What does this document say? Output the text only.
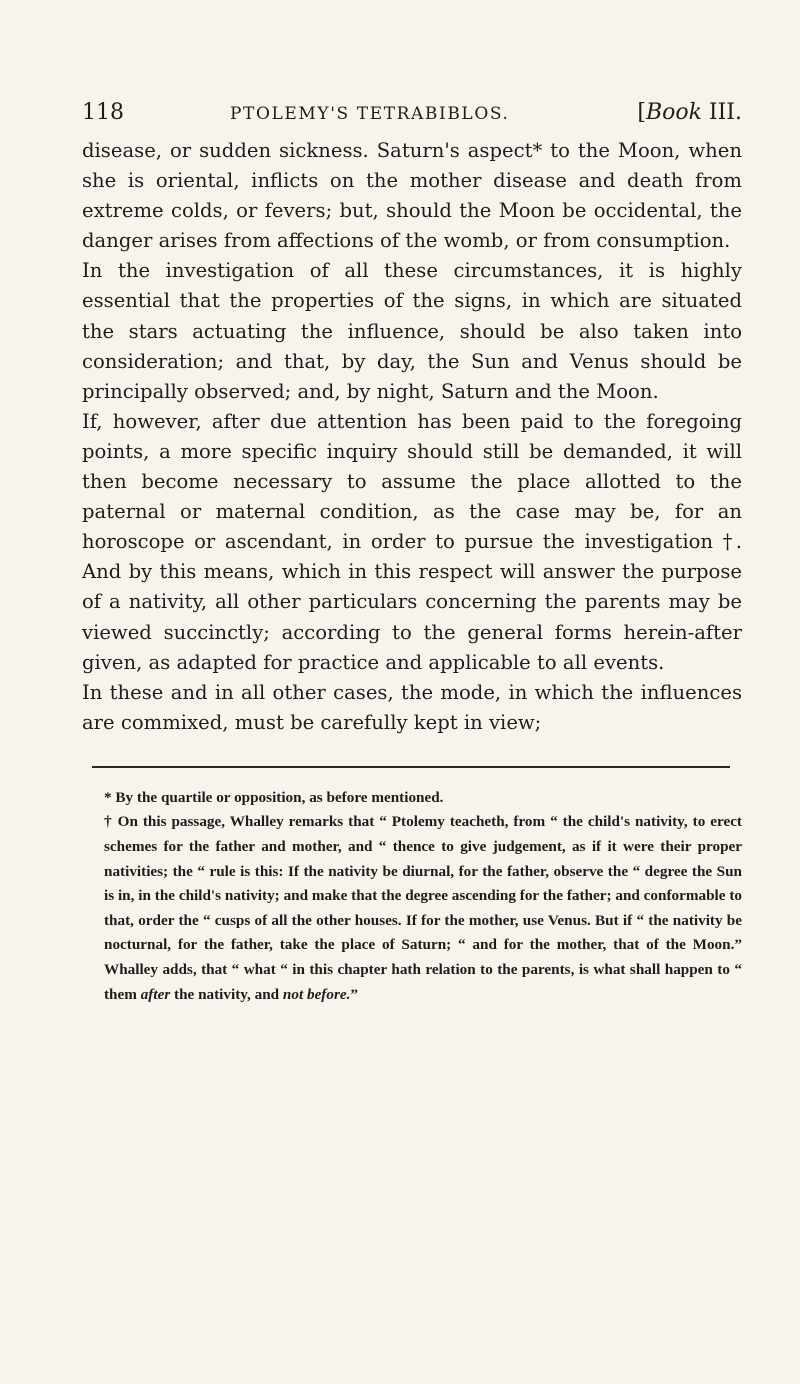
118	PTOLEMY'S TETRABIBLOS.	[Book III.

disease, or sudden sickness. Saturn's aspect* to the Moon, when she is oriental, inflicts on the mother disease and death from extreme colds, or fevers; but, should the Moon be occidental, the danger arises from affections of the womb, or from consumption.

In the investigation of all these circumstances, it is highly essential that the properties of the signs, in which are situated the stars actuating the influence, should be also taken into consideration; and that, by day, the Sun and Venus should be principally observed; and, by night, Saturn and the Moon.

If, however, after due attention has been paid to the foregoing points, a more specific inquiry should still be demanded, it will then become necessary to assume the place allotted to the paternal or maternal condition, as the case may be, for an horoscope or ascendant, in order to pursue the investigation †. And by this means, which in this respect will answer the purpose of a nativity, all other particulars concerning the parents may be viewed succinctly; according to the general forms herein-after given, as adapted for practice and applicable to all events.

In these and in all other cases, the mode, in which the influences are commixed, must be carefully kept in view;

* By the quartile or opposition, as before mentioned.

† On this passage, Whalley remarks that “ Ptolemy teacheth, from “ the child's nativity, to erect schemes for the father and mother, and “ thence to give judgement, as if it were their proper nativities; the “ rule is this: If the nativity be diurnal, for the father, observe the “ degree the Sun is in, in the child's nativity; and make that the degree ascending for the father; and conformable to that, order the “ cusps of all the other houses. If for the mother, use Venus. But if “ the nativity be nocturnal, for the father, take the place of Saturn; “ and for the mother, that of the Moon.” Whalley adds, that “ what “ in this chapter hath relation to the parents, is what shall happen to “ them after the nativity, and not before.”
